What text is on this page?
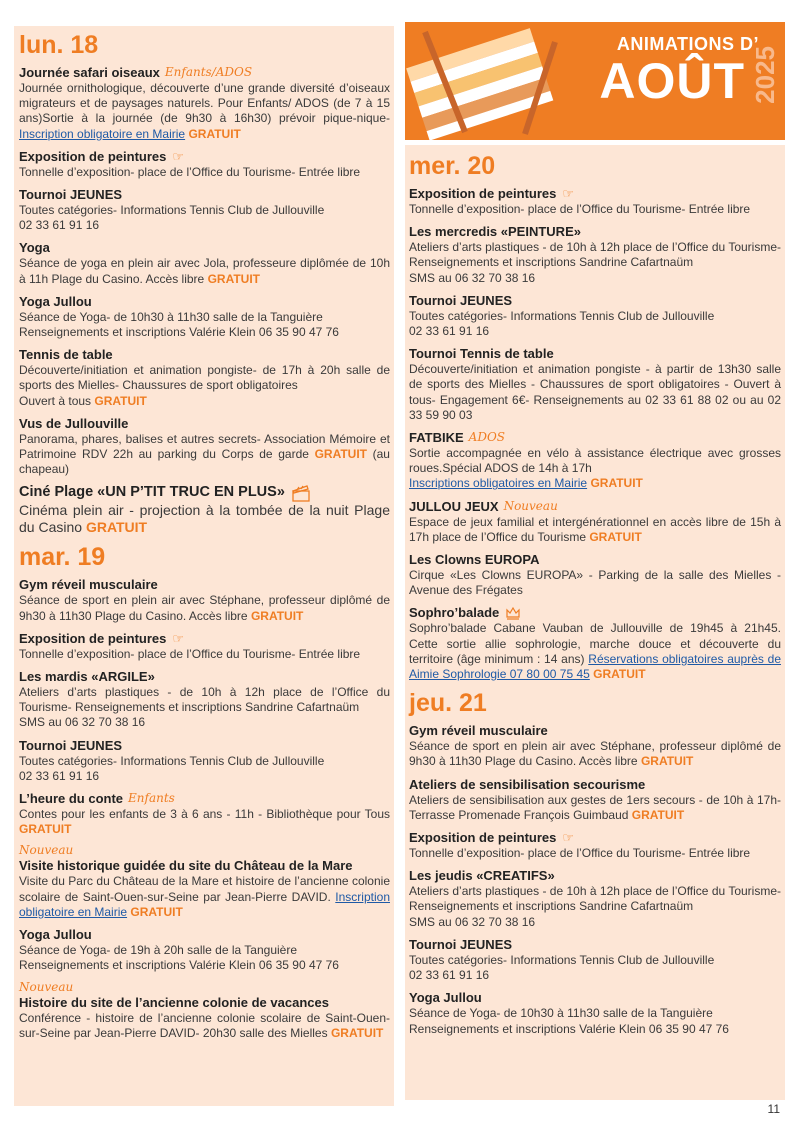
lun. 18
Journée safari oiseaux Enfants/ADOS
Journée ornithologique, découverte d’une grande diversité d’oiseaux migrateurs et de paysages naturels. Pour Enfants/ ADOS (de 7 à 15 ans)Sortie à la journée (de 9h30 à 16h30) prévoir pique-nique-Inscription obligatoire en Mairie GRATUIT
Exposition de peintures ☞
Tonnelle d’exposition- place de l’Office du Tourisme- Entrée libre
Tournoi JEUNES
Toutes catégories- Informations Tennis Club de Jullouville
02 33 61 91 16
Yoga
Séance de yoga en plein air avec Jola, professeure diplômée de 10h à 11h Plage du Casino. Accès libre GRATUIT
Yoga Jullou
Séance de Yoga- de 10h30 à 11h30 salle de la Tanguière
Renseignements et inscriptions Valérie Klein 06 35 90 47 76
Tennis de table
Découverte/initiation et animation pongiste- de 17h à 20h salle de sports des Mielles- Chaussures de sport obligatoires
Ouvert à tous GRATUIT
Vus de Jullouville
Panorama, phares, balises et autres secrets- Association Mémoire et Patrimoine RDV 22h au parking du Corps de garde GRATUIT (au chapeau)
Ciné Plage «UN P’TIT TRUC EN PLUS»
Cinéma plein air - projection à la tombée de la nuit Plage du Casino GRATUIT
mar. 19
Gym réveil musculaire
Séance de sport en plein air avec Stéphane, professeur diplômé de 9h30 à 11h30 Plage du Casino. Accès libre GRATUIT
Exposition de peintures ☞
Tonnelle d’exposition- place de l’Office du Tourisme- Entrée libre
Les mardis «ARGILE»
Ateliers d’arts plastiques - de 10h à 12h place de l’Office du Tourisme- Renseignements et inscriptions Sandrine Cafartnaüm
SMS au 06 32 70 38 16
Tournoi JEUNES
Toutes catégories- Informations Tennis Club de Jullouville
02 33 61 91 16
L’heure du conte Enfants
Contes pour les enfants de 3 à 6 ans - 11h - Bibliothèque pour Tous GRATUIT
Nouveau
Visite historique guidée du site du Château de la Mare
Visite du Parc du Château de la Mare et histoire de l’ancienne colonie scolaire de Saint-Ouen-sur-Seine par Jean-Pierre DAVID. Inscription obligatoire en Mairie GRATUIT
Yoga Jullou
Séance de Yoga- de 19h à 20h salle de la Tanguière
Renseignements et inscriptions Valérie Klein 06 35 90 47 76
Nouveau
Histoire du site de l’ancienne colonie de vacances
Conférence - histoire de l’ancienne colonie scolaire de Saint-Ouen-sur-Seine par Jean-Pierre DAVID- 20h30 salle des Mielles GRATUIT
ANIMATIONS D’
AOÛT 2025
mer. 20
Exposition de peintures ☞
Tonnelle d’exposition- place de l’Office du Tourisme- Entrée libre
Les mercredis «PEINTURE»
Ateliers d’arts plastiques - de 10h à 12h place de l’Office du Tourisme- Renseignements et inscriptions Sandrine Cafartnaüm
SMS au 06 32 70 38 16
Tournoi JEUNES
Toutes catégories- Informations Tennis Club de Jullouville
02 33 61 91 16
Tournoi Tennis de table
Découverte/initiation et animation pongiste - à partir de 13h30 salle de sports des Mielles - Chaussures de sport obligatoires - Ouvert à tous- Engagement 6€- Renseignements au 02 33 61 88 02 ou au 02 33 59 90 03
FATBIKE ADOS
Sortie accompagnée en vélo à assistance électrique avec grosses roues.Spécial ADOS de 14h à 17h
Inscriptions obligatoires en Mairie GRATUIT
JULLOU JEUX Nouveau
Espace de jeux familial et intergénérationnel en accès libre de 15h à 17h place de l’Office du Tourisme GRATUIT
Les Clowns EUROPA
Cirque «Les Clowns EUROPA» - Parking de la salle des Mielles - Avenue des Frégates
Sophro’balade
Sophro’balade Cabane Vauban de Jullouville de 19h45 à 21h45. Cette sortie allie sophrologie, marche douce et découverte du territoire (âge minimum : 14 ans) Réservations obligatoires auprès de Aimie Sophrologie 07 80 00 75 45 GRATUIT
jeu. 21
Gym réveil musculaire
Séance de sport en plein air avec Stéphane, professeur diplômé de 9h30 à 11h30 Plage du Casino. Accès libre GRATUIT
Ateliers de sensibilisation secourisme
Ateliers de sensibilisation aux gestes de 1ers secours - de 10h à 17h-Terrasse Promenade François Guimbaud GRATUIT
Exposition de peintures ☞
Tonnelle d’exposition- place de l’Office du Tourisme- Entrée libre
Les jeudis «CREATIFS»
Ateliers d’arts plastiques - de 10h à 12h place de l’Office du Tourisme- Renseignements et inscriptions Sandrine Cafartnaüm
SMS au 06 32 70 38 16
Tournoi JEUNES
Toutes catégories- Informations Tennis Club de Jullouville
02 33 61 91 16
Yoga Jullou
Séance de Yoga- de 10h30 à 11h30 salle de la Tanguière
Renseignements et inscriptions Valérie Klein 06 35 90 47 76
11
